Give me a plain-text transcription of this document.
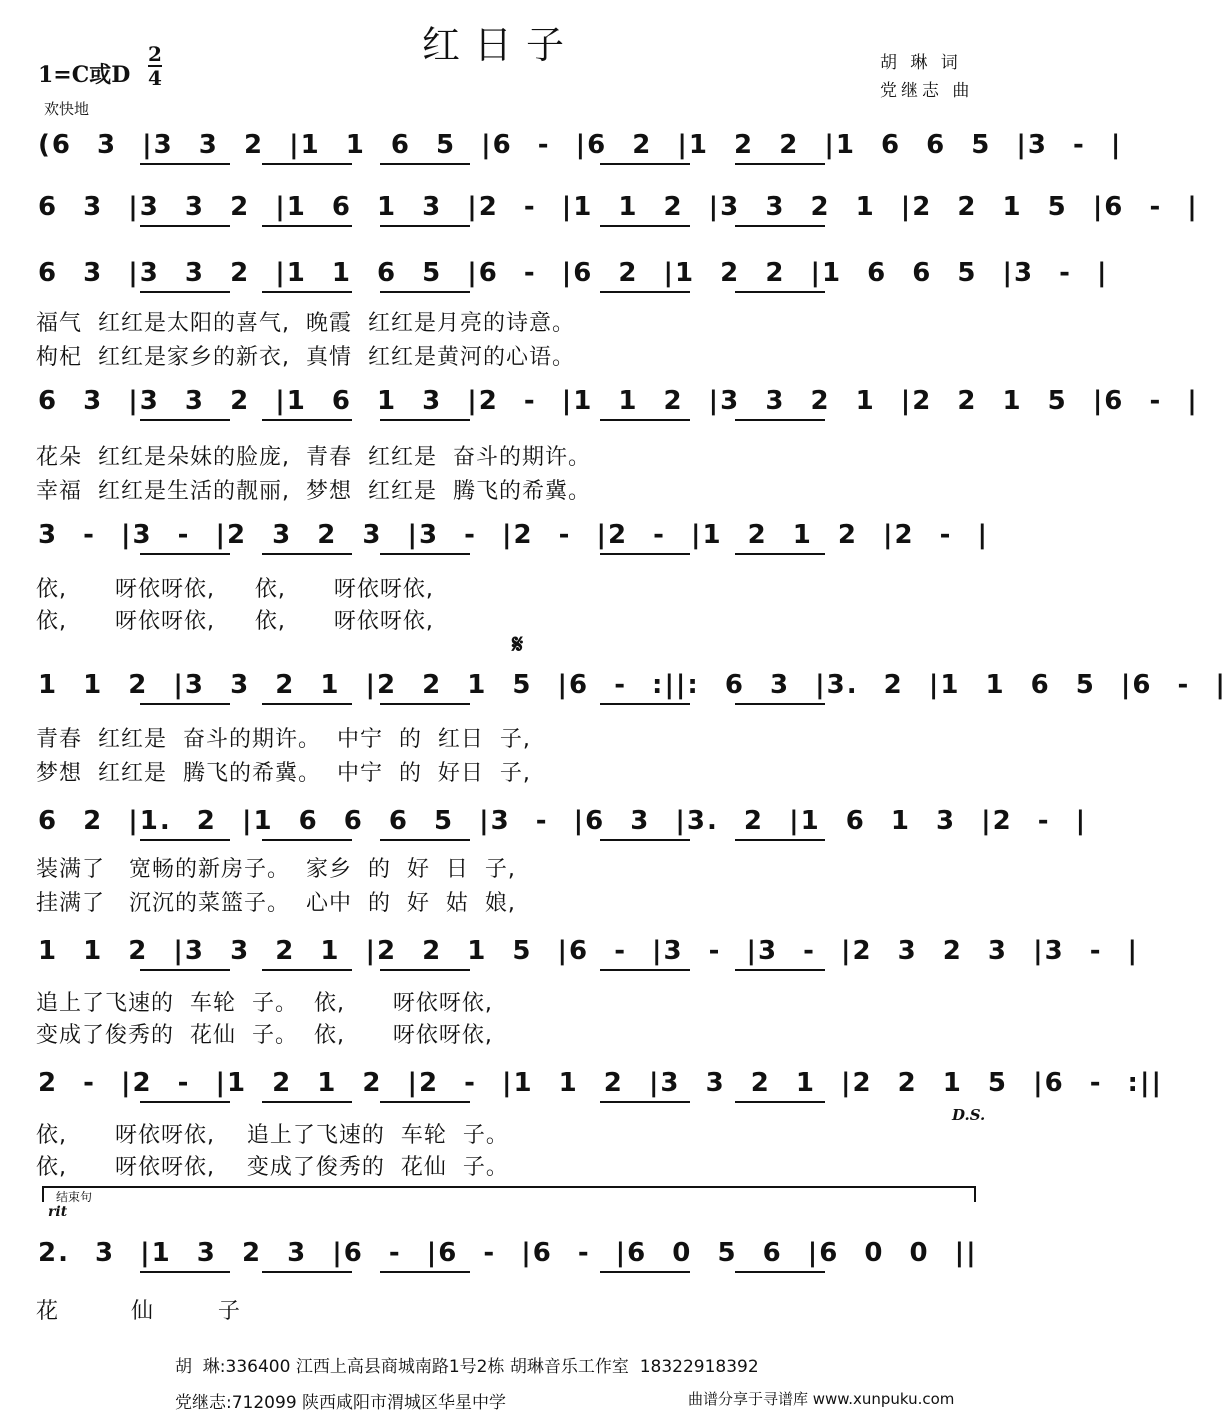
红日子
1=C或D
2
4
欢快地
胡 琳 词
党继志 曲
(6 3 |3 3 2 |1 1 6 5 |6 - |6 2 |1 2 2 |1 6 6 5 |3 - |
6 3 |3 3 2 |1 6 1 3 |2 - |1 1 2 |3 3 2 1 |2 2 1 5 |6 - |
6 3 |3 3 2 |1 1 6 5 |6 - |6 2 |1 2 2 |1 6 6 5 |3 - |
6 3 |3 3 2 |1 6 1 3 |2 - |1 1 2 |3 3 2 1 |2 2 1 5 |6 - |
3 - |3 - |2 3 2 3 |3 - |2 - |2 - |1 2 1 2 |2 - |
1 1 2 |3 3 2 1 |2 2 1 5 |6 - :||: 6 3 |3. 2 |1 1 6 5 |6 - |
6 2 |1. 2 |1 6 6 6 5 |3 - |6 3 |3. 2 |1 6 1 3 |2 - |
1 1 2 |3 3 2 1 |2 2 1 5 |6 - |3 - |3 - |2 3 2 3 |3 - |
2 - |2 - |1 2 1 2 |2 - |1 1 2 |3 3 2 1 |2 2 1 5 |6 - :||
2. 3 |1 3 2 3 |6 - |6 - |6 - |6 0 5 6 |6 0 0 ||
福气  红红是太阳的喜气,  晚霞  红红是月亮的诗意。
枸杞  红红是家乡的新衣,  真情  红红是黄河的心语。
花朵  红红是朵妹的脸庞,  青春  红红是  奋斗的期许。
幸福  红红是生活的靓丽,  梦想  红红是  腾飞的希冀。
依,      呀依呀依,     依,      呀依呀依,
依,      呀依呀依,     依,      呀依呀依,
青春  红红是  奋斗的期许。  中宁  的  红日  子,
梦想  红红是  腾飞的希冀。  中宁  的  好日  子,
装满了   宽畅的新房子。  家乡  的  好  日  子,
挂满了   沉沉的菜篮子。  心中  的  好  姑  娘,
追上了飞速的  车轮  子。  依,      呀依呀依,
变成了俊秀的  花仙  子。  依,      呀依呀依,
依,      呀依呀依,    追上了飞速的  车轮  子。
依,      呀依呀依,    变成了俊秀的  花仙  子。
花         仙        子
𝄋
D.S.
结束句
rit
胡  琳:336400 江西上高县商城南路1号2栋 胡琳音乐工作室  18322918392
党继志:712099 陕西咸阳市渭城区华星中学	曲谱分享于寻谱库 www.xunpuku.com
